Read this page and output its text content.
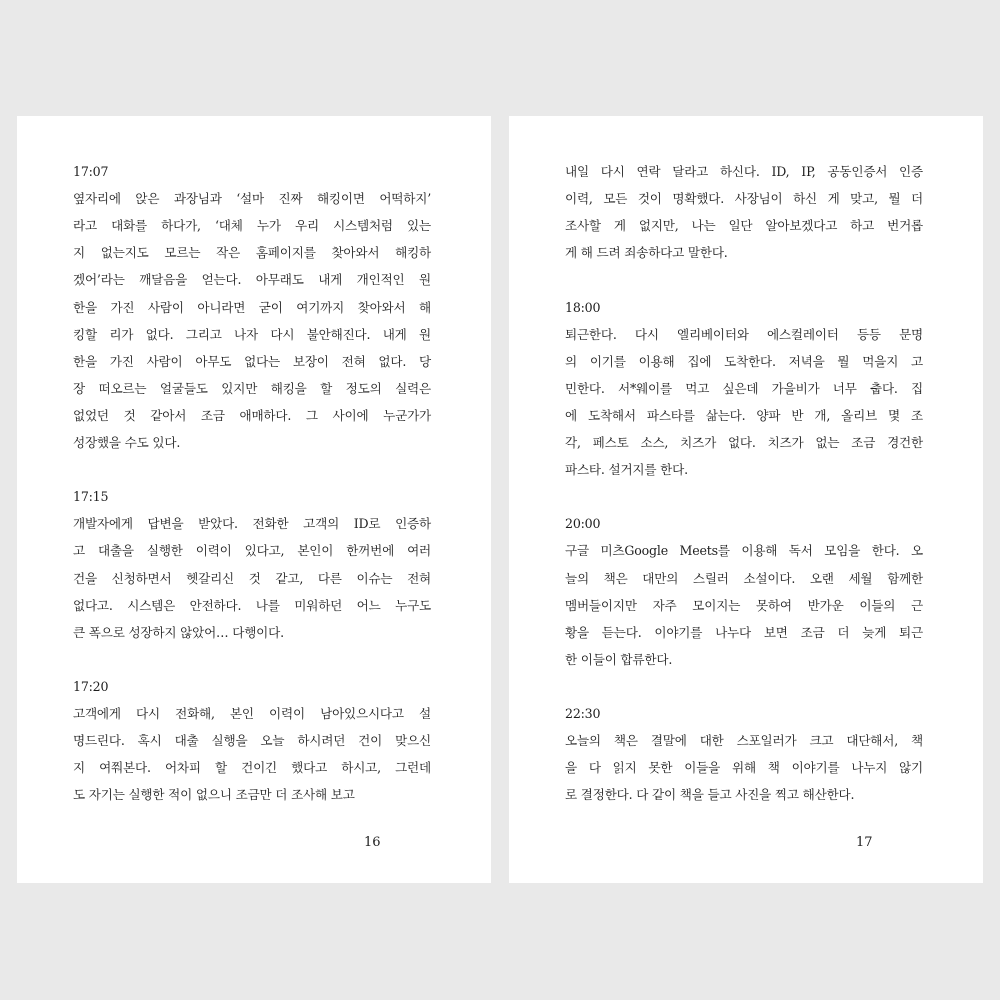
17:07
옆자리에 앉은 과장님과 ‘설마 진짜 해킹이면 어떡하지’
라고 대화를 하다가, ‘대체 누가 우리 시스템처럼 있는
지 없는지도 모르는 작은 홈페이지를 찾아와서 해킹하
겠어’라는 깨달음을 얻는다. 아무래도 내게 개인적인 원
한을 가진 사람이 아니라면 굳이 여기까지 찾아와서 해
킹할 리가 없다. 그리고 나자 다시 불안해진다. 내게 원
한을 가진 사람이 아무도 없다는 보장이 전혀 없다. 당
장 떠오르는 얼굴들도 있지만 해킹을 할 정도의 실력은
없었던 것 같아서 조금 애매하다. 그 사이에 누군가가
성장했을 수도 있다.
17:15
개발자에게 답변을 받았다. 전화한 고객의 ID로 인증하
고 대출을 실행한 이력이 있다고, 본인이 한꺼번에 여러
건을 신청하면서 헷갈리신 것 같고, 다른 이슈는 전혀
없다고. 시스템은 안전하다. 나를 미워하던 어느 누구도
큰 폭으로 성장하지 않았어… 다행이다.
17:20
고객에게 다시 전화해, 본인 이력이 남아있으시다고 설
명드린다. 혹시 대출 실행을 오늘 하시려던 건이 맞으신
지 여쭤본다. 어차피 할 건이긴 했다고 하시고, 그런데
도 자기는 실행한 적이 없으니 조금만 더 조사해 보고
16
내일 다시 연락 달라고 하신다. ID, IP, 공동인증서 인증
이력, 모든 것이 명확했다. 사장님이 하신 게 맞고, 뭘 더
조사할 게 없지만, 나는 일단 알아보겠다고 하고 번거롭
게 해 드려 죄송하다고 말한다.
18:00
퇴근한다. 다시 엘리베이터와 에스컬레이터 등등 문명
의 이기를 이용해 집에 도착한다. 저녁을 뭘 먹을지 고
민한다. 서*웨이를 먹고 싶은데 가을비가 너무 춥다. 집
에 도착해서 파스타를 삶는다. 양파 반 개, 올리브 몇 조
각, 페스토 소스, 치즈가 없다. 치즈가 없는 조금 경건한
파스타. 설거지를 한다.
20:00
구글 미츠Google Meets를 이용해 독서 모임을 한다. 오
늘의 책은 대만의 스릴러 소설이다. 오랜 세월 함께한
멤버들이지만 자주 모이지는 못하여 반가운 이들의 근
황을 듣는다. 이야기를 나누다 보면 조금 더 늦게 퇴근
한 이들이 합류한다.
22:30
오늘의 책은 결말에 대한 스포일러가 크고 대단해서, 책
을 다 읽지 못한 이들을 위해 책 이야기를 나누지 않기
로 결정한다. 다 같이 책을 들고 사진을 찍고 해산한다.
17
